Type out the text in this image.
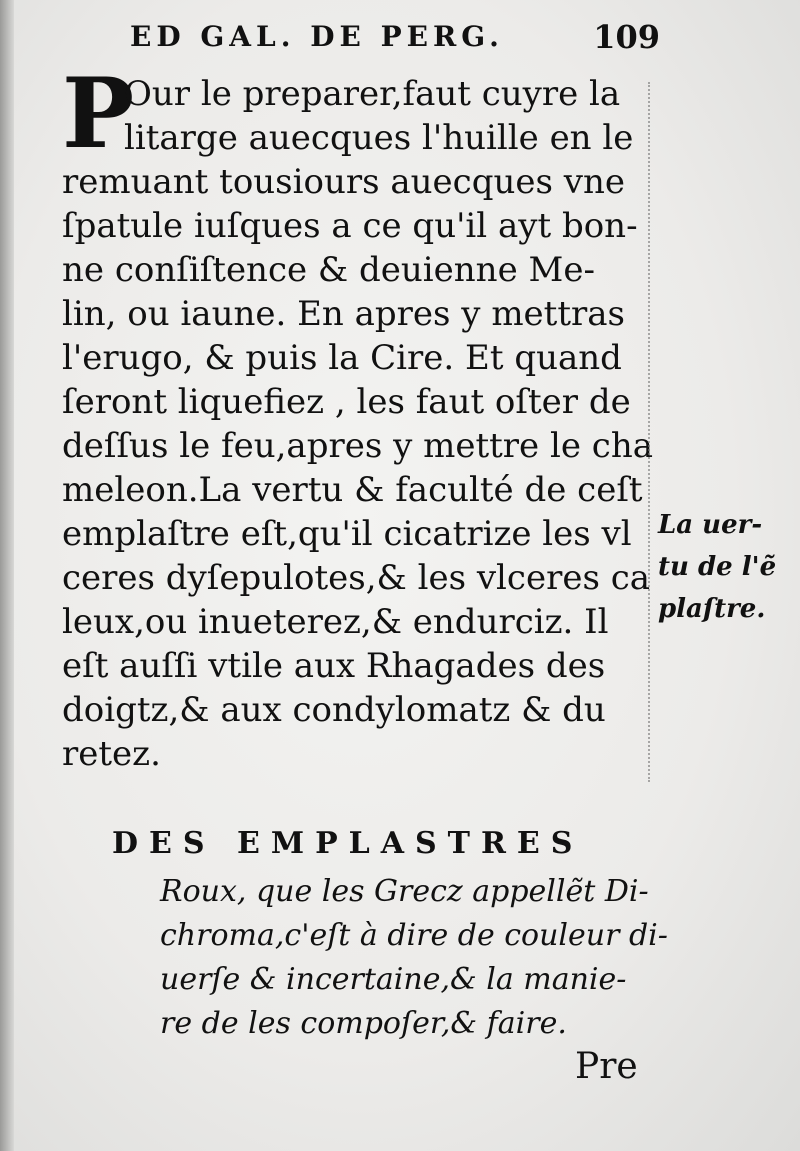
ED GAL. DE PERG.	109
P
Our le preparer,faut cuyre la
litarge auecques l'huille en le
remuant tousiours auecques vne
ſpatule iuſques a ce qu'il ayt bon-
ne conſiſtence & deuienne Me-
lin, ou iaune. En apres y mettras
l'erugo, & puis la Cire. Et quand
ſeront liquefiez , les faut oſter de
deſſus le feu,apres y mettre le cha
meleon.La vertu & faculté de ceſt
emplaſtre eſt,qu'il cicatrize les vl
ceres dyſepulotes,& les vlceres ca
leux,ou inueterez,& endurciz. Il
eſt auſſi vtile aux Rhagades des
doigtz,& aux condylomatz & du
retez.
La uer-
tu de l'ẽ
plaſtre.
DES EMPLASTRES
Roux, que les Grecz appellẽt Di-
chroma,c'eſt à dire de couleur di-
uerſe & incertaine,& la manie-
re de les compoſer,& faire.
Pre
